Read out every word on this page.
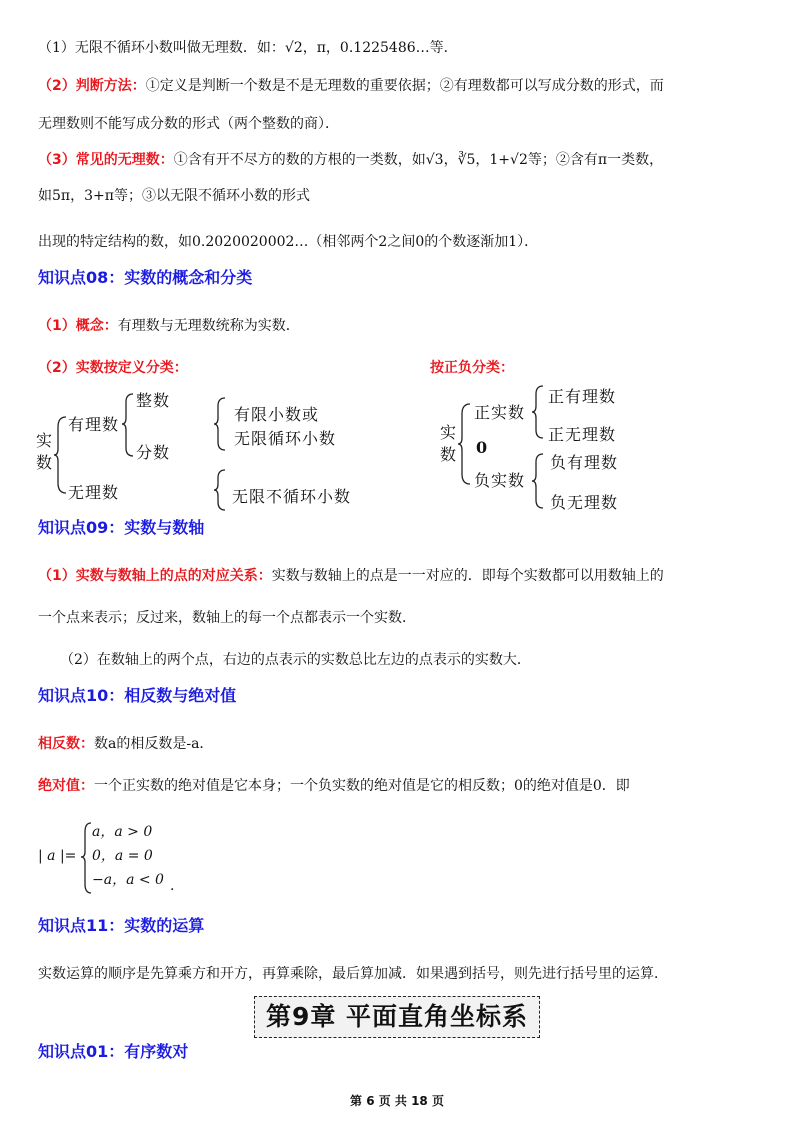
（1）无限不循环小数叫做无理数．如：√2，π，0.1225486…等．
（2）判断方法：①定义是判断一个数是不是无理数的重要依据；②有理数都可以写成分数的形式，而
无理数则不能写成分数的形式（两个整数的商）．
（3）常见的无理数：①含有开不尽方的数的方根的一类数，如√3，∛5，1+√2等；②含有π一类数，
如5π，3+π等；③以无限不循环小数的形式
出现的特定结构的数，如0.2020020002…（相邻两个2之间0的个数逐渐加1）．
知识点08：实数的概念和分类
（1）概念：有理数与无理数统称为实数．
（2）实数按定义分类：	按正负分类：
实数
有理数
无理数
整数
分数
有限小数或
无限循环小数
无限不循环小数
实数
正实数
0
负实数
正有理数
正无理数
负有理数
负无理数
知识点09：实数与数轴
（1）实数与数轴上的点的对应关系：实数与数轴上的点是一一对应的．即每个实数都可以用数轴上的
一个点来表示；反过来，数轴上的每一个点都表示一个实数．
（2）在数轴上的两个点，右边的点表示的实数总比左边的点表示的实数大．
知识点10：相反数与绝对值
相反数：数a的相反数是-a．
绝对值：一个正实数的绝对值是它本身；一个负实数的绝对值是它的相反数；0的绝对值是0．即
| a |=
a，a > 0
0，a = 0
−a，a < 0 .
知识点11：实数的运算
实数运算的顺序是先算乘方和开方，再算乘除，最后算加减．如果遇到括号，则先进行括号里的运算．
第9章 平面直角坐标系
知识点01：有序数对
第 6 页 共 18 页
